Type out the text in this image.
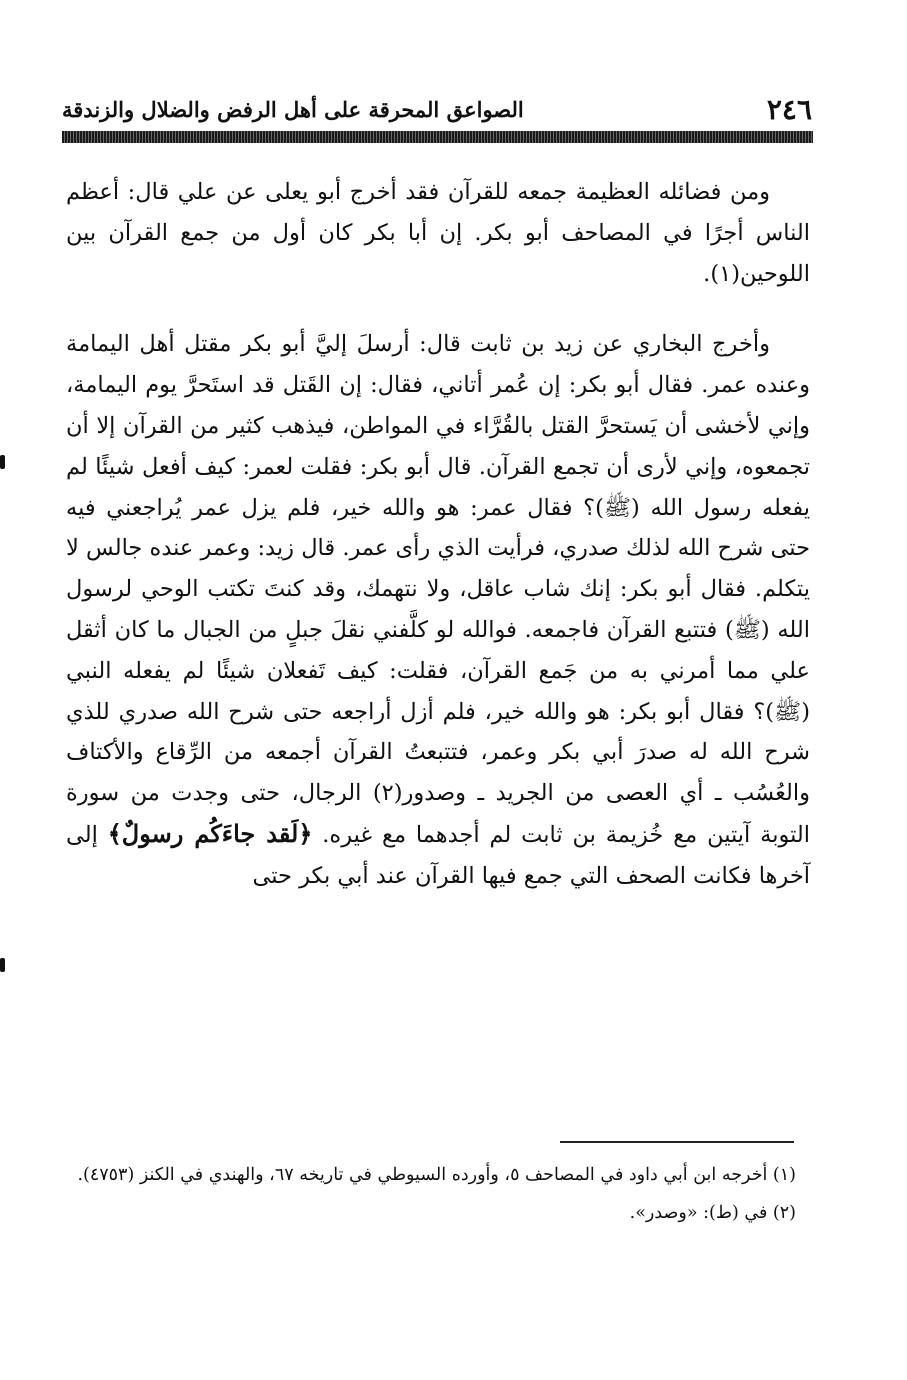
٢٤٦
الصواعق المحرقة على أهل الرفض والضلال والزندقة

ومن فضائله العظيمة جمعه للقرآن فقد أخرج أبو يعلى عن علي قال: أعظم الناس أجرًا في المصاحف أبو بكر. إن أبا بكر كان أول من جمع القرآن بين اللوحين(١).

وأخرج البخاري عن زيد بن ثابت قال: أرسلَ إليَّ أبو بكر مقتل أهل اليمامة وعنده عمر. فقال أبو بكر: إن عُمر أتاني، فقال: إن القَتل قد استَحرَّ يوم اليمامة، وإني لأخشى أن يَستحرَّ القتل بالقُرَّاء في المواطن، فيذهب كثير من القرآن إلا أن تجمعوه، وإني لأرى أن تجمع القرآن. قال أبو بكر: فقلت لعمر: كيف أفعل شيئًا لم يفعله رسول الله (ﷺ)؟ فقال عمر: هو والله خير، فلم يزل عمر يُراجعني فيه حتى شرح الله لذلك صدري، فرأيت الذي رأى عمر. قال زيد: وعمر عنده جالس لا يتكلم. فقال أبو بكر: إنك شاب عاقل، ولا نتهمك، وقد كنتَ تكتب الوحي لرسول الله (ﷺ) فتتبع القرآن فاجمعه. فوالله لو كلَّفني نقلَ جبلٍ من الجبال ما كان أثقل علي مما أمرني به من جَمع القرآن، فقلت: كيف تَفعلان شيئًا لم يفعله النبي (ﷺ)؟ فقال أبو بكر: هو والله خير، فلم أزل أراجعه حتى شرح الله صدري للذي شرح الله له صدرَ أبي بكر وعمر، فتتبعتُ القرآن أجمعه من الرِّقاع والأكتاف والعُسُب ـ أي العصى من الجريد ـ وصدور(٢) الرجال، حتى وجدت من سورة التوبة آيتين مع خُزيمة بن ثابت لم أجدهما مع غيره. ﴿لَقد جاءَكُم رسولٌ﴾ إلى آخرها فكانت الصحف التي جمع فيها القرآن عند أبي بكر حتى

(١) أخرجه ابن أبي داود في المصاحف ٥، وأورده السيوطي في تاريخه ٦٧، والهندي في الكنز (٤٧٥٣).

(٢) في (ط): «وصدر».
